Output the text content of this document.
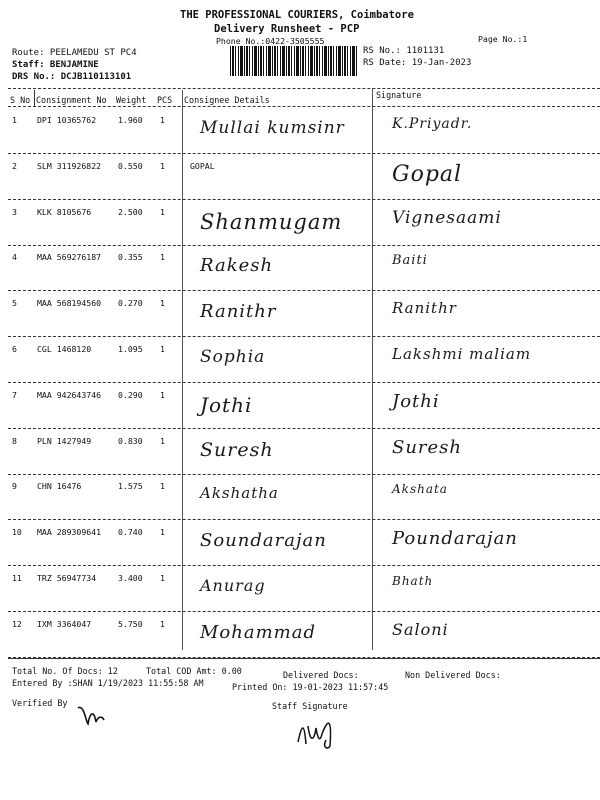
THE PROFESSIONAL COURIERS, Coimbatore
Delivery Runsheet - PCP
Phone No.:0422-3505555	Page No.:1
Route: PEELAMEDU ST PC4
Staff: BENJAMINE
DRS No.: DCJB110113101
RS No.: 1101131
RS Date: 19-Jan-2023
S No Consignment No Weight PCS Consignee Details	Signature
1 DPI 10365762	1.960 1 Mullai kumsinr	K.Priyadr.
2 SLM 311926822 0.550 1	GOPAL	Gopal
3 KLK 8105676	2.500 1 Shanmugam	Vignesaami
4 MAA 569276187 0.355 1 Rakesh	Baiti
5 MAA 568194560 0.270 1 Ranithr	Ranithr
6 CGL 1468120	1.095 1 Sophia	Lakshmi maliam
7 MAA 942643746 0.290 1 Jothi	Jothi
8 PLN 1427949	0.830 1 Suresh	Suresh
9 CHN 16476	1.575 1 Akshatha	Akshata
10 MAA 289309641 0.740 1 Soundarajan	Poundarajan
11 TRZ 56947734	3.400 1 Anurag	Bhath
12 IXM 3364047	5.750 1 Mohammad	Saloni
Total No. Of Docs: 12	Total COD Amt: 0.00	Delivered Docs:	Non Delivered Docs:
Entered By :SHAN 1/19/2023 11:55:58 AM	Printed On: 19-01-2023 11:57:45
Verified By	Staff Signature
